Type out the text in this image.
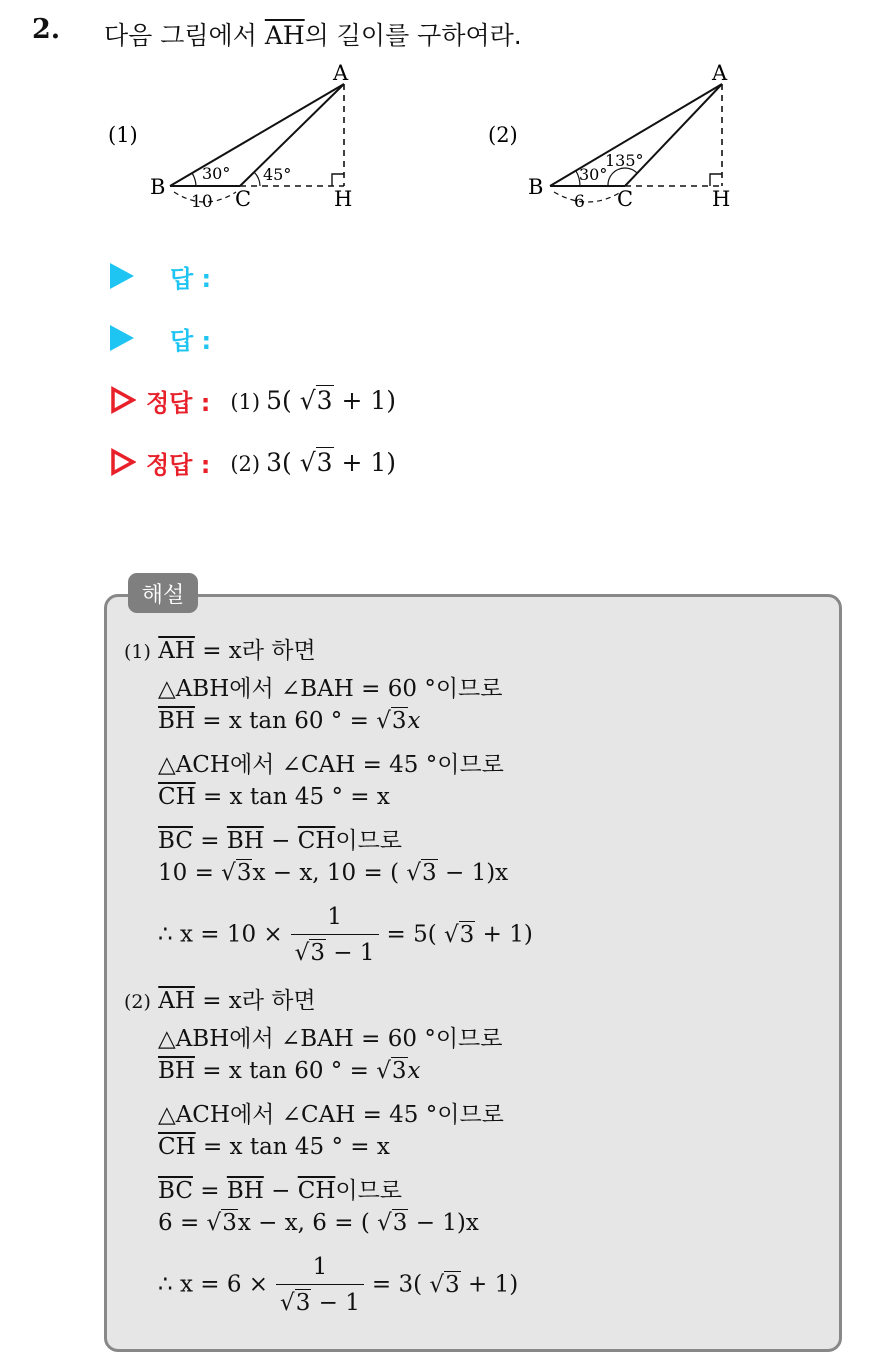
2. 다음 그림에서 $\overline{AH}$의 길이를 구하여라.
(1)
A
B	C	H
30° 45°
10
(2)
A
B	C	H
30°
135°
6
답 :
답 :
정답 : (1) 5( √3 + 1)
정답 : (2) 3( √3 + 1)
해설
(1) $\overline{AH} = x$라 하면
△ABH에서 ∠BAH = 60 °이므로
$\overline{BH} = x$ tan 60 ° = √3x
△ACH에서 ∠CAH = 45 °이므로
$\overline{CH} = x$ tan 45 ° = x
$\overline{BC} = \overline{BH} - \overline{CH}$이므로
10 = √3x − x, 10 = ( √3 − 1)x
∴ $x = 10 \times \frac{1}{√3 - 1} = 5$( √3 + 1)
(2) $\overline{AH} = x$라 하면
△ABH에서 ∠BAH = 60 °이므로
$\overline{BH} = x$ tan 60 ° = √3x
△ACH에서 ∠CAH = 45 °이므로
$\overline{CH} = x$ tan 45 ° = x
$\overline{BC} = \overline{BH} - \overline{CH}$이므로
6 = √3x − x, 6 = ( √3 − 1)x
∴ $x = 6 \times \frac{1}{√3 - 1} = 3$( √3 + 1)
